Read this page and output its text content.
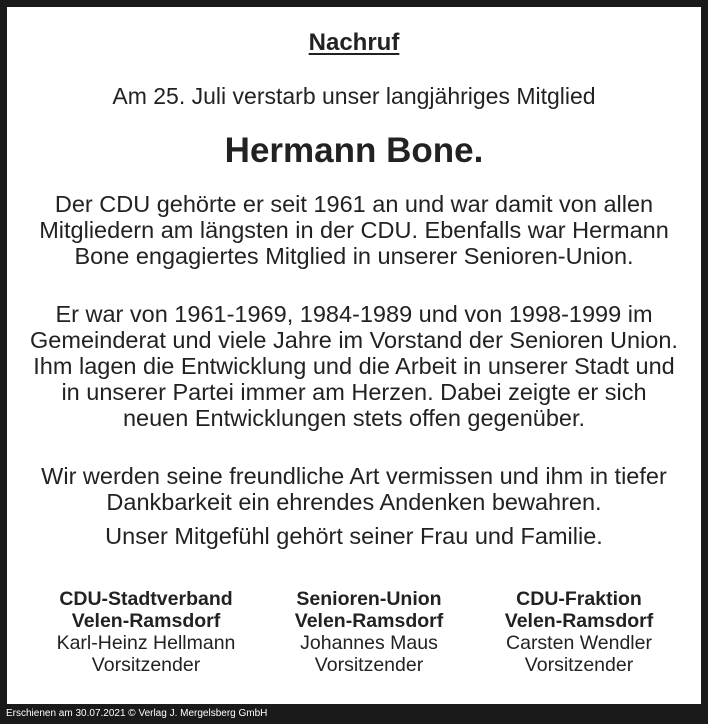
Nachruf
Am 25. Juli verstarb unser langjähriges Mitglied
Hermann Bone.
Der CDU gehörte er seit 1961 an und war damit von allen Mitgliedern am längsten in der CDU. Ebenfalls war Hermann Bone engagiertes Mitglied in unserer Senioren-Union.
Er war von 1961-1969, 1984-1989 und von 1998-1999 im Gemeinderat und viele Jahre im Vorstand der Senioren Union. Ihm lagen die Entwicklung und die Arbeit in unserer Stadt und in unserer Partei immer am Herzen. Dabei zeigte er sich neuen Entwicklungen stets offen gegenüber.
Wir werden seine freundliche Art vermissen und ihm in tiefer Dankbarkeit ein ehrendes Andenken bewahren.
Unser Mitgefühl gehört seiner Frau und Familie.
CDU-Stadtverband
Velen-Ramsdorf
Karl-Heinz Hellmann
Vorsitzender
Senioren-Union
Velen-Ramsdorf
Johannes Maus
Vorsitzender
CDU-Fraktion
Velen-Ramsdorf
Carsten Wendler
Vorsitzender
Erschienen am 30.07.2021 © Verlag J. Mergelsberg GmbH
